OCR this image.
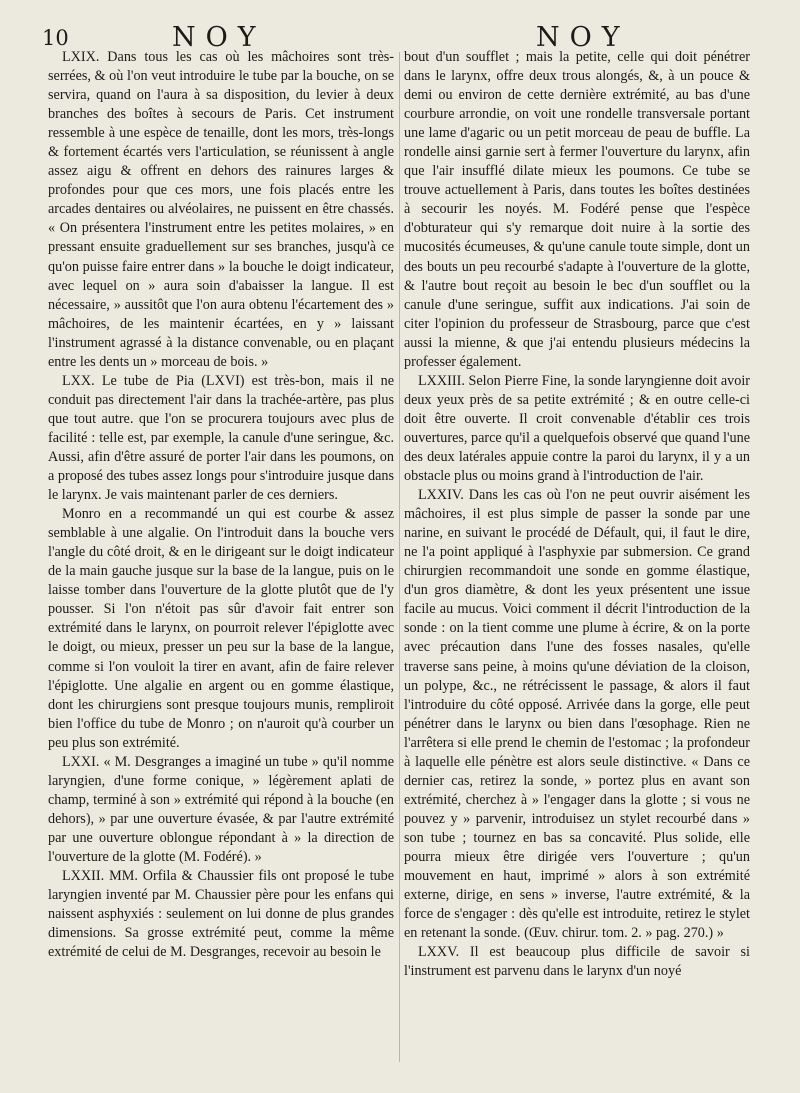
10	NOY	NOY

LXIX. Dans tous les cas où les mâchoires sont très-serrées, & où l'on veut introduire le tube par la bouche, on se servira, quand on l'aura à sa disposition, du levier à deux branches des boîtes à secours de Paris. Cet instrument ressemble à une espèce de tenaille, dont les mors, très-longs & fortement écartés vers l'articulation, se réunissent à angle assez aigu & offrent en dehors des rainures larges & profondes pour que ces mors, une fois placés entre les arcades dentaires ou alvéolaires, ne puissent en être chassés. « On présentera l'instrument entre les petites molaires, » en pressant ensuite graduellement sur ses branches, jusqu'à ce qu'on puisse faire entrer dans » la bouche le doigt indicateur, avec lequel on » aura soin d'abaisser la langue. Il est nécessaire, » aussitôt que l'on aura obtenu l'écartement des » mâchoires, de les maintenir écartées, en y » laissant l'instrument agrassé à la distance convenable, ou en plaçant entre les dents un » morceau de bois. »

LXX. Le tube de Pia (LXVI) est très-bon, mais il ne conduit pas directement l'air dans la trachée-artère, pas plus que tout autre. que l'on se procurera toujours avec plus de facilité : telle est, par exemple, la canule d'une seringue, &c. Aussi, afin d'être assuré de porter l'air dans les poumons, on a proposé des tubes assez longs pour s'introduire jusque dans le larynx. Je vais maintenant parler de ces derniers.

Monro en a recommandé un qui est courbe & assez semblable à une algalie. On l'introduit dans la bouche vers l'angle du côté droit, & en le dirigeant sur le doigt indicateur de la main gauche jusque sur la base de la langue, puis on le laisse tomber dans l'ouverture de la glotte plutôt que de l'y pousser. Si l'on n'étoit pas sûr d'avoir fait entrer son extrémité dans le larynx, on pourroit relever l'épiglotte avec le doigt, ou mieux, presser un peu sur la base de la langue, comme si l'on vouloit la tirer en avant, afin de faire relever l'épiglotte. Une algalie en argent ou en gomme élastique, dont les chirurgiens sont presque toujours munis, rempliroit bien l'office du tube de Monro ; on n'auroit qu'à courber un peu plus son extrémité.

LXXI. « M. Desgranges a imaginé un tube » qu'il nomme laryngien, d'une forme conique, » légèrement aplati de champ, terminé à son » extrémité qui répond à la bouche (en dehors), » par une ouverture évasée, & par l'autre extrémité par une ouverture oblongue répondant à » la direction de l'ouverture de la glotte (M. Fodéré). »

LXXII. MM. Orfila & Chaussier fils ont proposé le tube laryngien inventé par M. Chaussier père pour les enfans qui naissent asphyxiés : seulement on lui donne de plus grandes dimensions. Sa grosse extrémité peut, comme la même extrémité de celui de M. Desgranges, recevoir au besoin le

bout d'un soufflet ; mais la petite, celle qui doit pénétrer dans le larynx, offre deux trous alongés, &, à un pouce & demi ou environ de cette dernière extrémité, au bas d'une courbure arrondie, on voit une rondelle transversale portant une lame d'agaric ou un petit morceau de peau de buffle. La rondelle ainsi garnie sert à fermer l'ouverture du larynx, afin que l'air insufflé dilate mieux les poumons. Ce tube se trouve actuellement à Paris, dans toutes les boîtes destinées à secourir les noyés. M. Fodéré pense que l'espèce d'obturateur qui s'y remarque doit nuire à la sortie des mucosités écumeuses, & qu'une canule toute simple, dont un des bouts un peu recourbé s'adapte à l'ouverture de la glotte, & l'autre bout reçoit au besoin le bec d'un soufflet ou la canule d'une seringue, suffit aux indications. J'ai soin de citer l'opinion du professeur de Strasbourg, parce que c'est aussi la mienne, & que j'ai entendu plusieurs médecins la professer également.

LXXIII. Selon Pierre Fine, la sonde laryngienne doit avoir deux yeux près de sa petite extrémité ; & en outre celle-ci doit être ouverte. Il croit convenable d'établir ces trois ouvertures, parce qu'il a quelquefois observé que quand l'une des deux latérales appuie contre la paroi du larynx, il y a un obstacle plus ou moins grand à l'introduction de l'air.

LXXIV. Dans les cas où l'on ne peut ouvrir aisément les mâchoires, il est plus simple de passer la sonde par une narine, en suivant le procédé de Défault, qui, il faut le dire, ne l'a point appliqué à l'asphyxie par submersion. Ce grand chirurgien recommandoit une sonde en gomme élastique, d'un gros diamètre, & dont les yeux présentent une issue facile au mucus. Voici comment il décrit l'introduction de la sonde : on la tient comme une plume à écrire, & on la porte avec précaution dans l'une des fosses nasales, qu'elle traverse sans peine, à moins qu'une déviation de la cloison, un polype, &c., ne rétrécissent le passage, & alors il faut l'introduire du côté opposé. Arrivée dans la gorge, elle peut pénétrer dans le larynx ou bien dans l'œsophage. Rien ne l'arrêtera si elle prend le chemin de l'estomac ; la profondeur à laquelle elle pénètre est alors seule distinctive. « Dans ce dernier cas, retirez la sonde, » portez plus en avant son extrémité, cherchez à » l'engager dans la glotte ; si vous ne pouvez y » parvenir, introduisez un stylet recourbé dans » son tube ; tournez en bas sa concavité. Plus solide, elle pourra mieux être dirigée vers l'ouverture ; qu'un mouvement en haut, imprimé » alors à son extrémité externe, dirige, en sens » inverse, l'autre extrémité, & la force de s'engager : dès qu'elle est introduite, retirez le stylet en retenant la sonde. (Œuv. chirur. tom. 2. » pag. 270.) »

LXXV. Il est beaucoup plus difficile de savoir si l'instrument est parvenu dans le larynx d'un noyé
